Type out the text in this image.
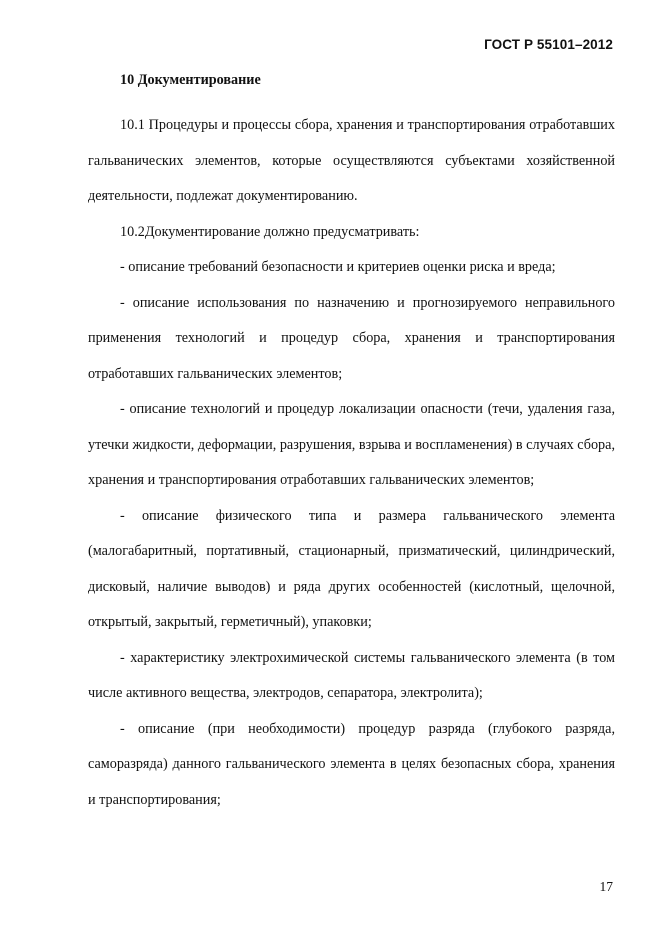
ГОСТ Р 55101–2012

10 Документирование

10.1 Процедуры и процессы сбора, хранения и транспортирования отработавших гальванических элементов, которые осуществляются субъектами хозяйственной деятельности, подлежат документированию.

10.2Документирование должно предусматривать:

- описание требований безопасности и критериев оценки риска и вреда;

- описание использования по назначению и прогнозируемого неправильного применения технологий и процедур сбора, хранения и транспортирования отработавших гальванических элементов;

- описание технологий и процедур локализации опасности (течи, удаления газа, утечки жидкости, деформации, разрушения, взрыва и воспламенения) в случаях сбора, хранения и транспортирования отработавших гальванических элементов;

- описание физического типа и размера гальванического элемента (малогабаритный, портативный, стационарный, призматический, цилиндрический, дисковый, наличие выводов) и ряда других особенностей (кислотный, щелочной, открытый, закрытый, герметичный), упаковки;

- характеристику электрохимической системы гальванического элемента (в том числе активного вещества, электродов, сепаратора, электролита);

- описание (при необходимости) процедур разряда (глубокого разряда, саморазряда) данного гальванического элемента в целях безопасных сбора, хранения и транспортирования;

17
